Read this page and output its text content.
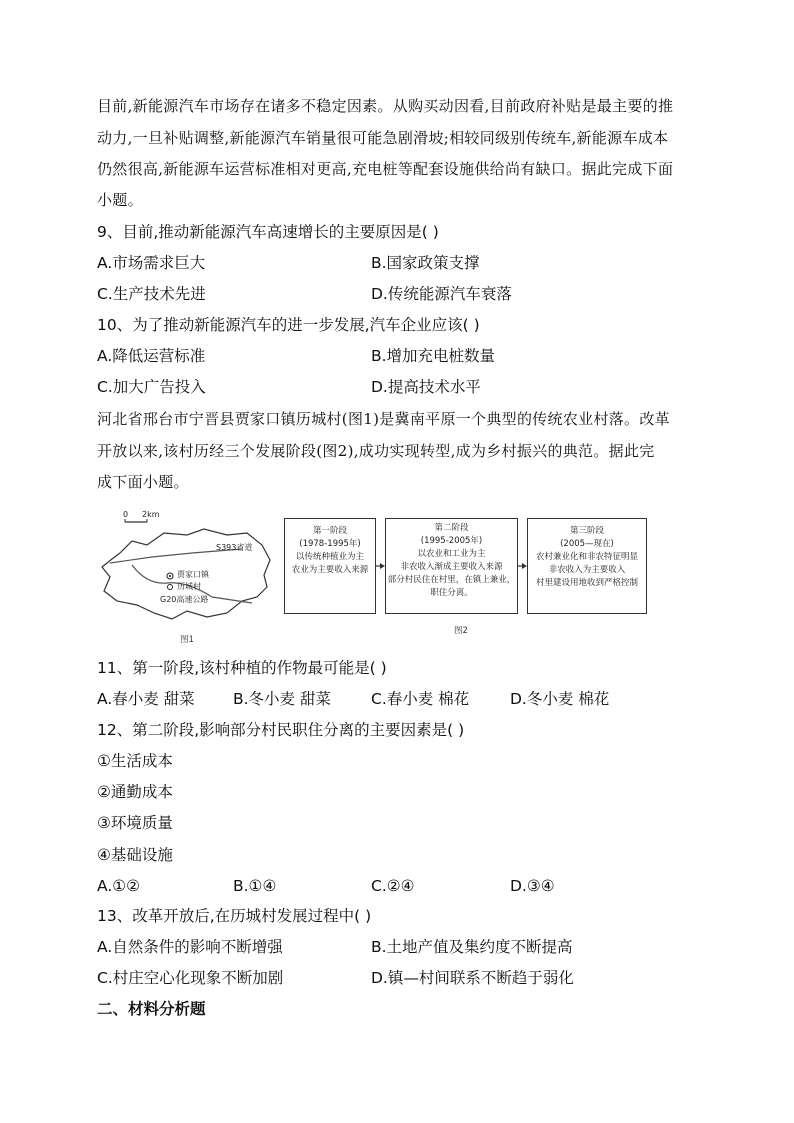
目前,新能源汽车市场存在诸多不稳定因素。从购买动因看,目前政府补贴是最主要的推
动力,一旦补贴调整,新能源汽车销量很可能急剧滑坡;相较同级别传统车,新能源车成本
仍然很高,新能源车运营标准相对更高,充电桩等配套设施供给尚有缺口。据此完成下面
小题。
9、目前,推动新能源汽车高速增长的主要原因是( )
A.市场需求巨大	B.国家政策支撑
C.生产技术先进	D.传统能源汽车衰落
10、为了推动新能源汽车的进一步发展,汽车企业应该( )
A.降低运营标准	B.增加充电桩数量
C.加大广告投入	D.提高技术水平
河北省邢台市宁晋县贾家口镇历城村(图1)是冀南平原一个典型的传统农业村落。改革
开放以来,该村历经三个发展阶段(图2),成功实现转型,成为乡村振兴的典范。据此完
成下面小题。
0 2km
S393省道
贾家口镇
历城村
G20高速公路
图1
第一阶段
(1978-1995年)
以传统种植业为主
农业为主要收入来源
第二阶段
(1995-2005年)
以农业和工业为主
非农收入渐成主要收入来源
部分村民住在村里，在镇上兼业，
职住分离。
第三阶段
(2005—现在)
农村兼业化和非农特征明显
非农收入为主要收入
村里建设用地收到严格控制
图2
11、第一阶段,该村种植的作物最可能是( )
A.春小麦 甜菜 B.冬小麦 甜菜	C.春小麦 棉花	D.冬小麦 棉花
12、第二阶段,影响部分村民职住分离的主要因素是( )
①生活成本
②通勤成本
③环境质量
④基础设施
A.①②	B.①④	C.②④	D.③④
13、改革开放后,在历城村发展过程中( )
A.自然条件的影响不断增强	B.土地产值及集约度不断提高
C.村庄空心化现象不断加剧	D.镇—村间联系不断趋于弱化
二、材料分析题
